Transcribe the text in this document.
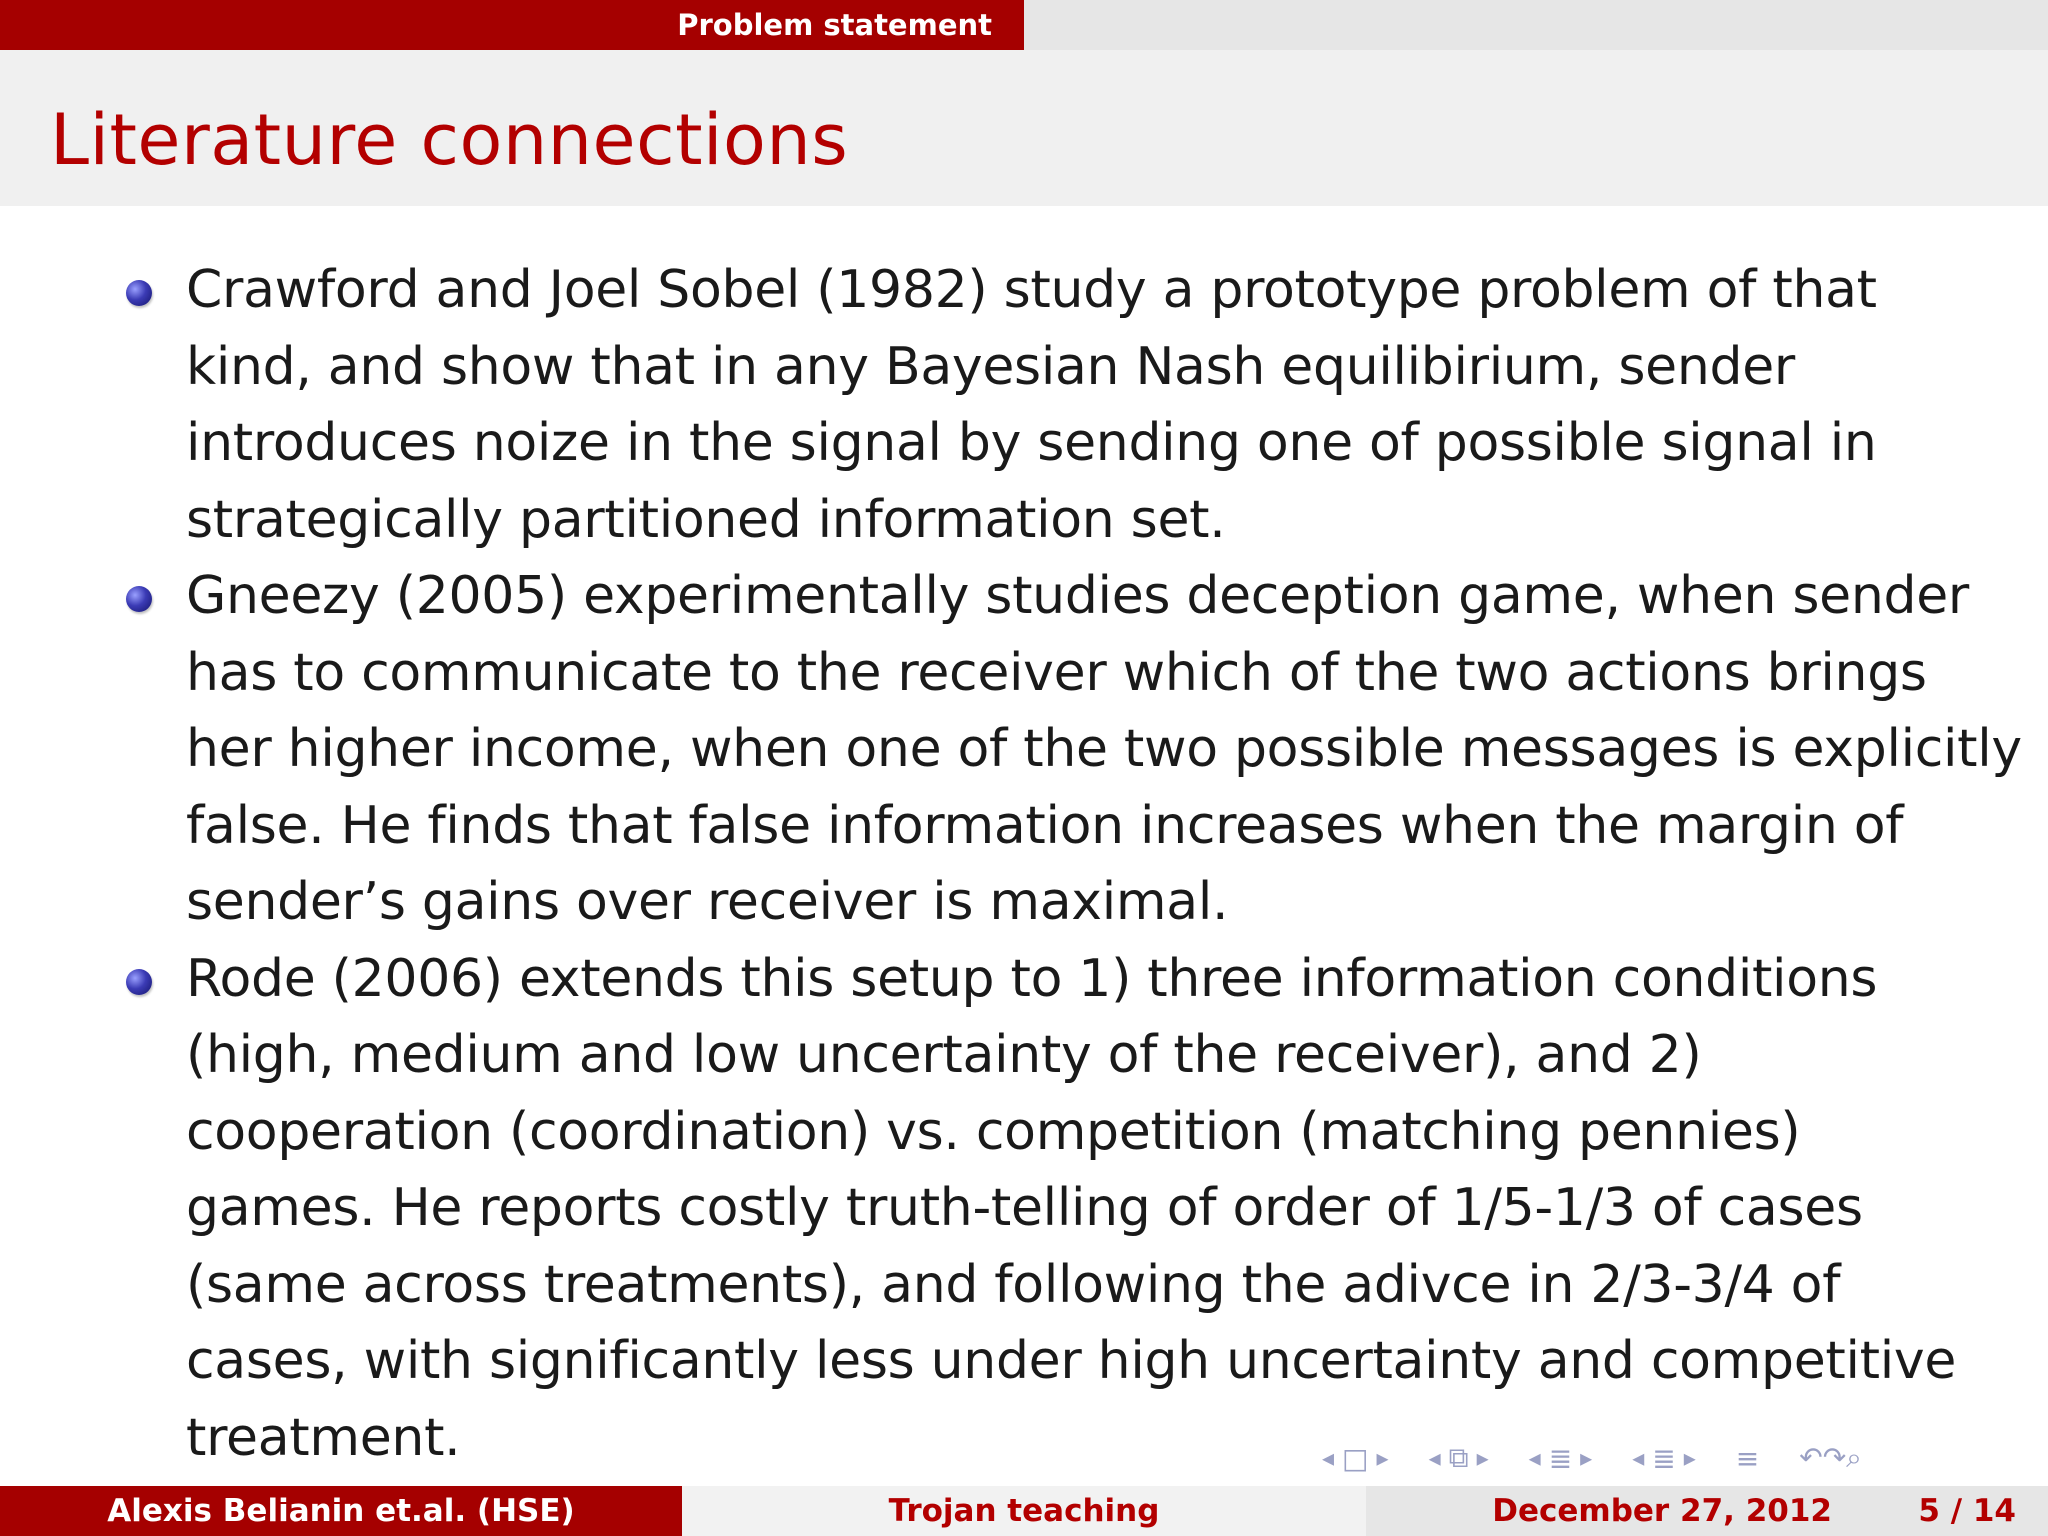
Problem statement
Literature connections
Crawford and Joel Sobel (1982) study a prototype problem of that
kind, and show that in any Bayesian Nash equilibirium, sender
introduces noize in the signal by sending one of possible signal in
strategically partitioned information set.
Gneezy (2005) experimentally studies deception game, when sender
has to communicate to the receiver which of the two actions brings
her higher income, when one of the two possible messages is explicitly
false. He finds that false information increases when the margin of
sender’s gains over receiver is maximal.
Rode (2006) extends this setup to 1) three information conditions
(high, medium and low uncertainty of the receiver), and 2)
cooperation (coordination) vs. competition (matching pennies)
games. He reports costly truth-telling of order of 1/5-1/3 of cases
(same across treatments), and following the adivce in 2/3-3/4 of
cases, with significantly less under high uncertainty and competitive
treatment.	◂ □ ▸ ◂ ⧉ ▸ ◂ ≣ ▸ ◂ ≣ ▸ ≡ ↶↷⌕
Alexis Belianin et.al. (HSE)	Trojan teaching	December 27, 2012	5 / 14
